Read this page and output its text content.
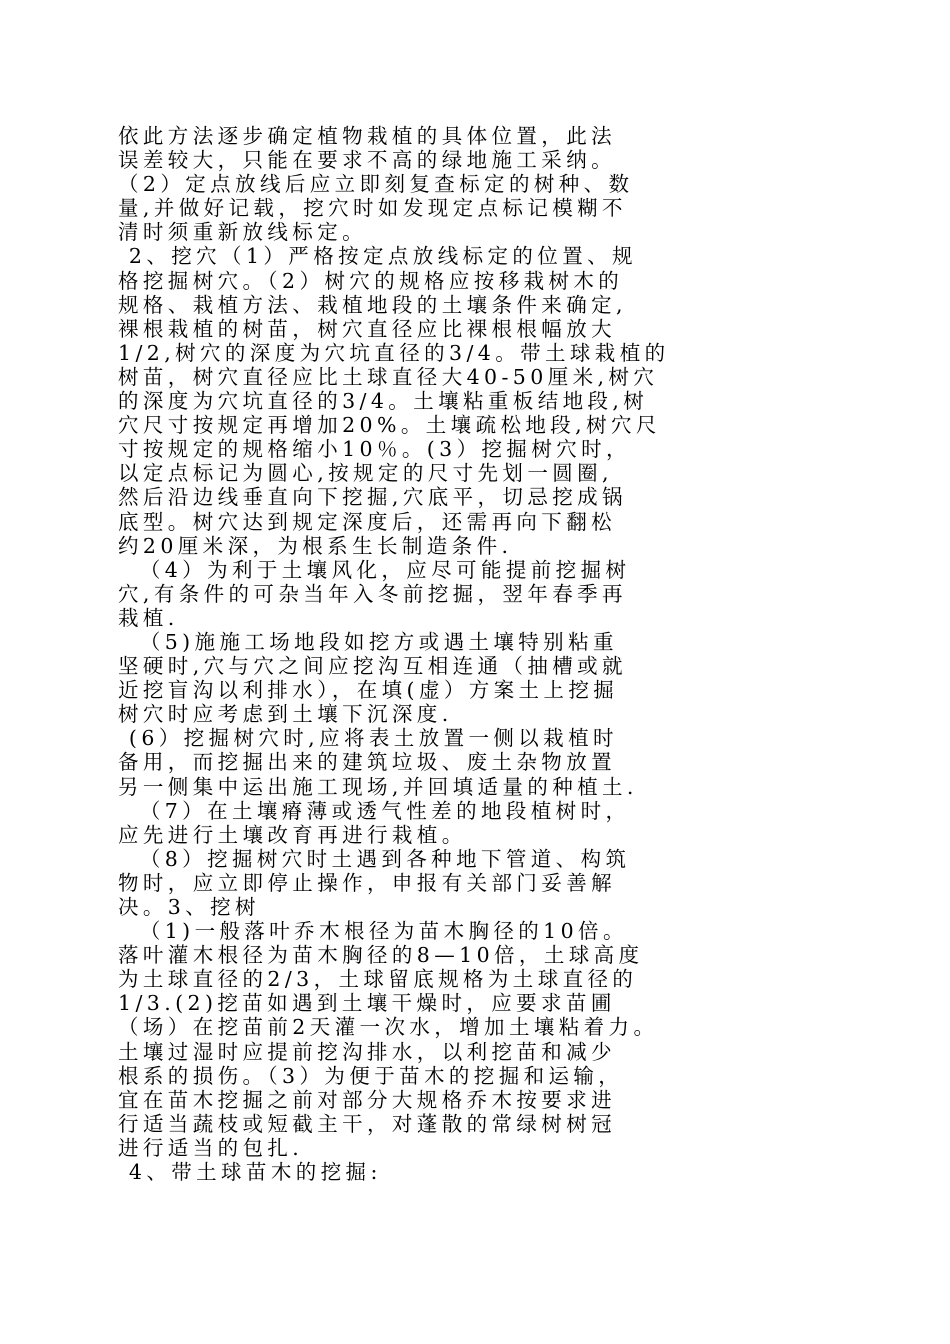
依此方法逐步确定植物栽植的具体位置，此法
误差较大，只能在要求不高的绿地施工采纳。
（2）定点放线后应立即刻复查标定的树种、数
量,并做好记载，挖穴时如发现定点标记模糊不
清时须重新放线标定。
2、挖穴（1）严格按定点放线标定的位置、规
格挖掘树穴。（2）树穴的规格应按移栽树木的
规格、栽植方法、栽植地段的土壤条件来确定,
裸根栽植的树苗，树穴直径应比裸根根幅放大
1/2,树穴的深度为穴坑直径的3/4。带土球栽植的
树苗，树穴直径应比土球直径大40-50厘米,树穴
的深度为穴坑直径的3/4。土壤粘重板结地段,树
穴尺寸按规定再增加20%。土壤疏松地段,树穴尺
寸按规定的规格缩小10％。(3）挖掘树穴时，
以定点标记为圆心,按规定的尺寸先划一圆圈,
然后沿边线垂直向下挖掘,穴底平，切忌挖成锅
底型。树穴达到规定深度后，还需再向下翻松
约20厘米深，为根系生长制造条件.
（4）为利于土壤风化，应尽可能提前挖掘树
穴,有条件的可杂当年入冬前挖掘，翌年春季再
栽植.
（5)施施工场地段如挖方或遇土壤特别粘重
坚硬时,穴与穴之间应挖沟互相连通（抽槽或就
近挖盲沟以利排水），在填(虚）方案土上挖掘
树穴时应考虑到土壤下沉深度.
(6）挖掘树穴时,应将表土放置一侧以栽植时
备用，而挖掘出来的建筑垃圾、废土杂物放置
另一侧集中运出施工现场,并回填适量的种植土.
（7）在土壤瘠薄或透气性差的地段植树时，
应先进行土壤改育再进行栽植。
（8）挖掘树穴时土遇到各种地下管道、构筑
物时，应立即停止操作，申报有关部门妥善解
决。3、挖树
（1)一般落叶乔木根径为苗木胸径的10倍。
落叶灌木根径为苗木胸径的8—10倍，土球高度
为土球直径的2/3，土球留底规格为土球直径的
1/3.(2)挖苗如遇到土壤干燥时，应要求苗圃
（场）在挖苗前2天灌一次水，增加土壤粘着力。
土壤过湿时应提前挖沟排水，以利挖苗和减少
根系的损伤。（3）为便于苗木的挖掘和运输，
宜在苗木挖掘之前对部分大规格乔木按要求进
行适当蔬枝或短截主干，对蓬散的常绿树树冠
进行适当的包扎.
4、带土球苗木的挖掘:
